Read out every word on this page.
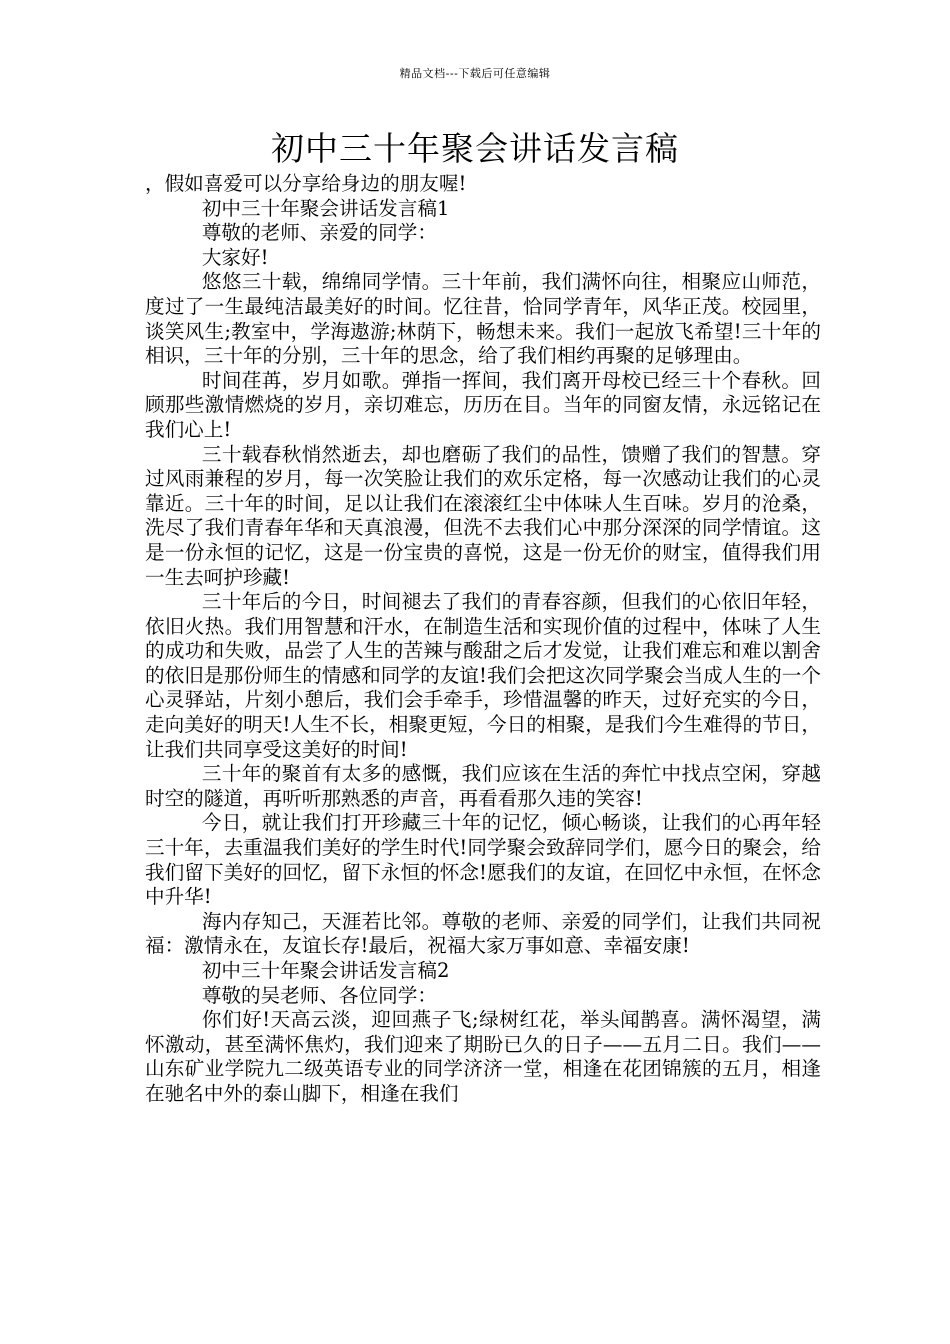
精品文档---下载后可任意编辑
初中三十年聚会讲话发言稿

，假如喜爱可以分享给身边的朋友喔!

初中三十年聚会讲话发言稿1

尊敬的老师、亲爱的同学：

大家好!

悠悠三十载，绵绵同学情。三十年前，我们满怀向往，相聚应山师范，度过了一生最纯洁最美好的时间。忆往昔，恰同学青年，风华正茂。校园里，谈笑风生;教室中，学海遨游;林荫下，畅想未来。我们一起放飞希望!三十年的相识，三十年的分别，三十年的思念，给了我们相约再聚的足够理由。

时间荏苒，岁月如歌。弹指一挥间，我们离开母校已经三十个春秋。回顾那些激情燃烧的岁月，亲切难忘，历历在目。当年的同窗友情，永远铭记在我们心上!

三十载春秋悄然逝去，却也磨砺了我们的品性，馈赠了我们的智慧。穿过风雨兼程的岁月，每一次笑脸让我们的欢乐定格，每一次感动让我们的心灵靠近。三十年的时间，足以让我们在滚滚红尘中体味人生百味。岁月的沧桑，洗尽了我们青春年华和天真浪漫，但洗不去我们心中那分深深的同学情谊。这是一份永恒的记忆，这是一份宝贵的喜悦，这是一份无价的财宝，值得我们用一生去呵护珍藏!

三十年后的今日，时间褪去了我们的青春容颜，但我们的心依旧年轻，依旧火热。我们用智慧和汗水，在制造生活和实现价值的过程中，体味了人生的成功和失败，品尝了人生的苦辣与酸甜之后才发觉，让我们难忘和难以割舍的依旧是那份师生的情感和同学的友谊!我们会把这次同学聚会当成人生的一个心灵驿站，片刻小憩后，我们会手牵手，珍惜温馨的昨天，过好充实的今日，走向美好的明天!人生不长，相聚更短，今日的相聚，是我们今生难得的节日，让我们共同享受这美好的时间!

三十年的聚首有太多的感慨，我们应该在生活的奔忙中找点空闲，穿越时空的隧道，再听听那熟悉的声音，再看看那久违的笑容!

今日，就让我们打开珍藏三十年的记忆，倾心畅谈，让我们的心再年轻三十年，去重温我们美好的学生时代!同学聚会致辞同学们，愿今日的聚会，给我们留下美好的回忆，留下永恒的怀念!愿我们的友谊，在回忆中永恒，在怀念中升华!

海内存知己，天涯若比邻。尊敬的老师、亲爱的同学们，让我们共同祝福：激情永在，友谊长存!最后，祝福大家万事如意、幸福安康!

初中三十年聚会讲话发言稿2

尊敬的吴老师、各位同学：

你们好!天高云淡，迎回燕子飞;绿树红花，举头闻鹊喜。满怀渴望，满怀激动，甚至满怀焦灼，我们迎来了期盼已久的日子——五月二日。我们——山东矿业学院九二级英语专业的同学济济一堂，相逢在花团锦簇的五月，相逢在驰名中外的泰山脚下，相逢在我们
